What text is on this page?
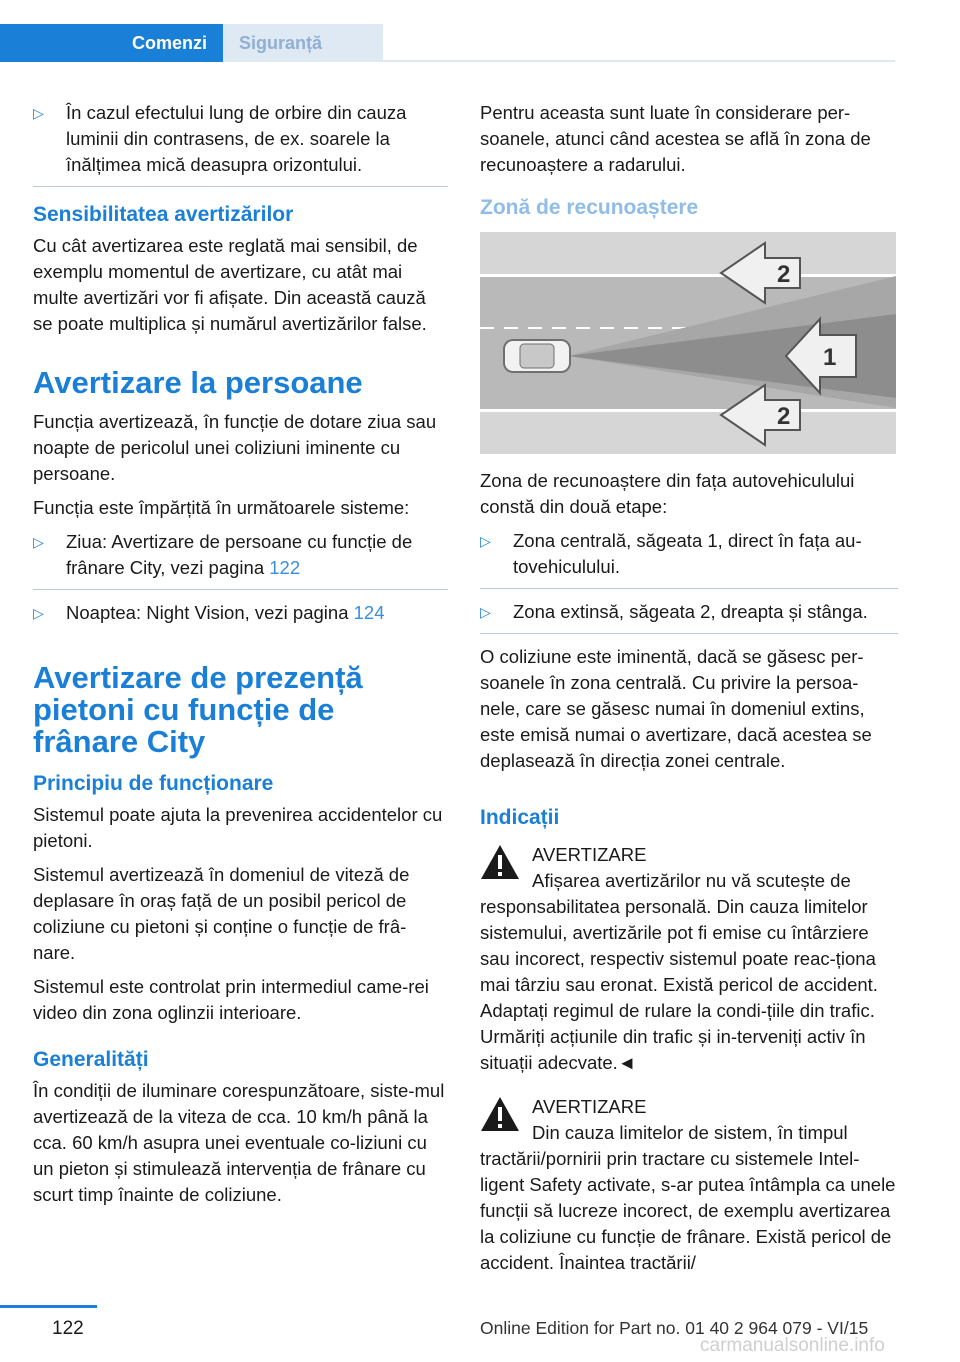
Comenzi	Siguranță
▷ În cazul efectului lung de orbire din cauza luminii din contrasens, de ex. soarele la înălțimea mică deasupra orizontului.
Sensibilitatea avertizărilor

Cu cât avertizarea este reglată mai sensibil, de exemplu momentul de avertizare, cu atât mai multe avertizări vor fi afișate. Din această cauză se poate multiplica și numărul avertizărilor false.

Avertizare la persoane

Funcția avertizează, în funcție de dotare ziua sau noapte de pericolul unei coliziuni iminente cu persoane.

Funcția este împărțită în următoarele sisteme:

▷ Ziua: Avertizare de persoane cu funcție de frânare City, vezi pagina 122
▷ Noaptea: Night Vision, vezi pagina 124
Avertizare de prezență pietoni cu funcție de frânare City
Principiu de funcționare

Sistemul poate ajuta la prevenirea accidentelor cu pietoni.

Sistemul avertizează în domeniul de viteză de deplasare în oraș față de un posibil pericol de coliziune cu pietoni și conține o funcție de frâ-nare.

Sistemul este controlat prin intermediul came-rei video din zona oglinzii interioare.

Generalități

În condiții de iluminare corespunzătoare, siste-mul avertizează de la viteza de cca. 10 km/h până la cca. 60 km/h asupra unei eventuale co-liziuni cu un pieton și stimulează intervenția de frânare cu scurt timp înainte de coliziune.

Pentru aceasta sunt luate în considerare per-soanele, atunci când acestea se află în zona de recunoaștere a radarului.

Zonă de recunoaștere
2
1
2

Zona de recunoaștere din fața autovehiculului constă din două etape:

▷ Zona centrală, săgeata 1, direct în fața au-tovehiculului.
▷ Zona extinsă, săgeata 2, dreapta și stânga.

O coliziune este iminentă, dacă se găsesc per-soanele în zona centrală. Cu privire la persoa-nele, care se găsesc numai în domeniul extins, este emisă numai o avertizare, dacă acestea se deplasează în direcția zonei centrale.

Indicații

AVERTIZARE

Afișarea avertizărilor nu vă scutește de responsabilitatea personală. Din cauza limitelor sistemului, avertizările pot fi emise cu întârziere sau incorect, respectiv sistemul poate reac-ționa mai târziu sau eronat. Există pericol de accident. Adaptați regimul de rulare la condi-țiile din trafic. Urmăriți acțiunile din trafic și in-terveniți activ în situații adecvate.◄

AVERTIZARE

Din cauza limitelor de sistem, în timpul tractării/pornirii prin tractare cu sistemele Intel-ligent Safety activate, s-ar putea întâmpla ca unele funcții să lucreze incorect, de exemplu avertizarea la coliziune cu funcție de frânare. Există pericol de accident. Înaintea tractării/

122	Online Edition for Part no. 01 40 2 964 079 - VI/15
carmanualsonline.info
